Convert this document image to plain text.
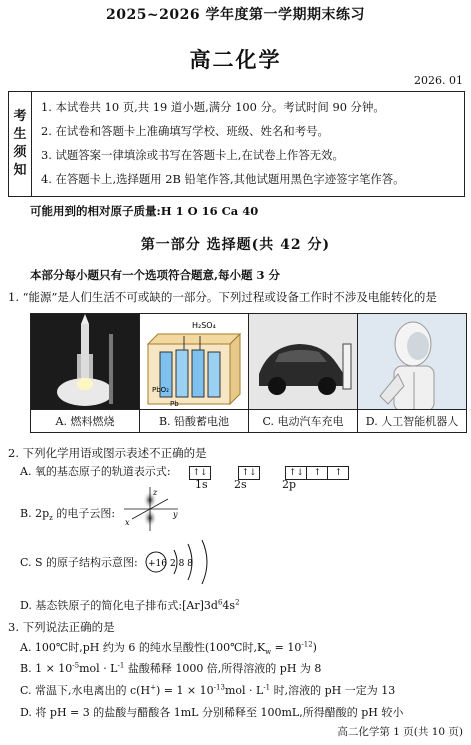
2025~2026 学年度第一学期期末练习
高二化学
2026. 01
考
生
须
知
1. 本试卷共 10 页,共 19 道小题,满分 100 分。考试时间 90 分钟。
2. 在试卷和答题卡上准确填写学校、班级、姓名和考号。
3. 试题答案一律填涂或书写在答题卡上,在试卷上作答无效。
4. 在答题卡上,选择题用 2B 铅笔作答,其他试题用黑色字迹签字笔作答。
可能用到的相对原子质量:H 1 O 16 Ca 40
第一部分 选择题(共 42 分)
本部分每小题只有一个选项符合题意,每小题 3 分
1. “能源”是人们生活不可或缺的一部分。下列过程或设备工作时不涉及电能转化的是
A. 燃料燃烧
H₂SO₄
PbO₂
Pb
B. 铅酸蓄电池	C. 电动汽车充电	D. 人工智能机器人
2. 下列化学用语或图示表述不正确的是
A. 氧的基态原子的轨道表示式:	↑↓	↑↓	↑↓ ↑ ↑
1s 2s	2p
B. $2p_z$ 的电子云图:
z
x
y
C. S 的原子结构示意图: +16 2 8 8
D. 基态铁原子的简化电子排布式$:[Ar]3d^64s^2$
3. 下列说法正确的是
A. 100℃时,pH 约为 6 的纯水呈酸性(100℃时$,K_w = 10^{-12}$)
B. $1 \times 10^{-5}mol \cdot L^{-1}$ 盐酸稀释 1000 倍,所得溶液的 pH 为 8
C. 常温下,水电离出的 $c(H^+) = 1 \times 10^{-13}mol \cdot L^{-1}$ 时,溶液的 pH 一定为 13
D. 将 pH = 3 的盐酸与醋酸各 1mL 分别稀释至 100mL,所得醋酸的 pH 较小
高二化学第 1 页(共 10 页)
